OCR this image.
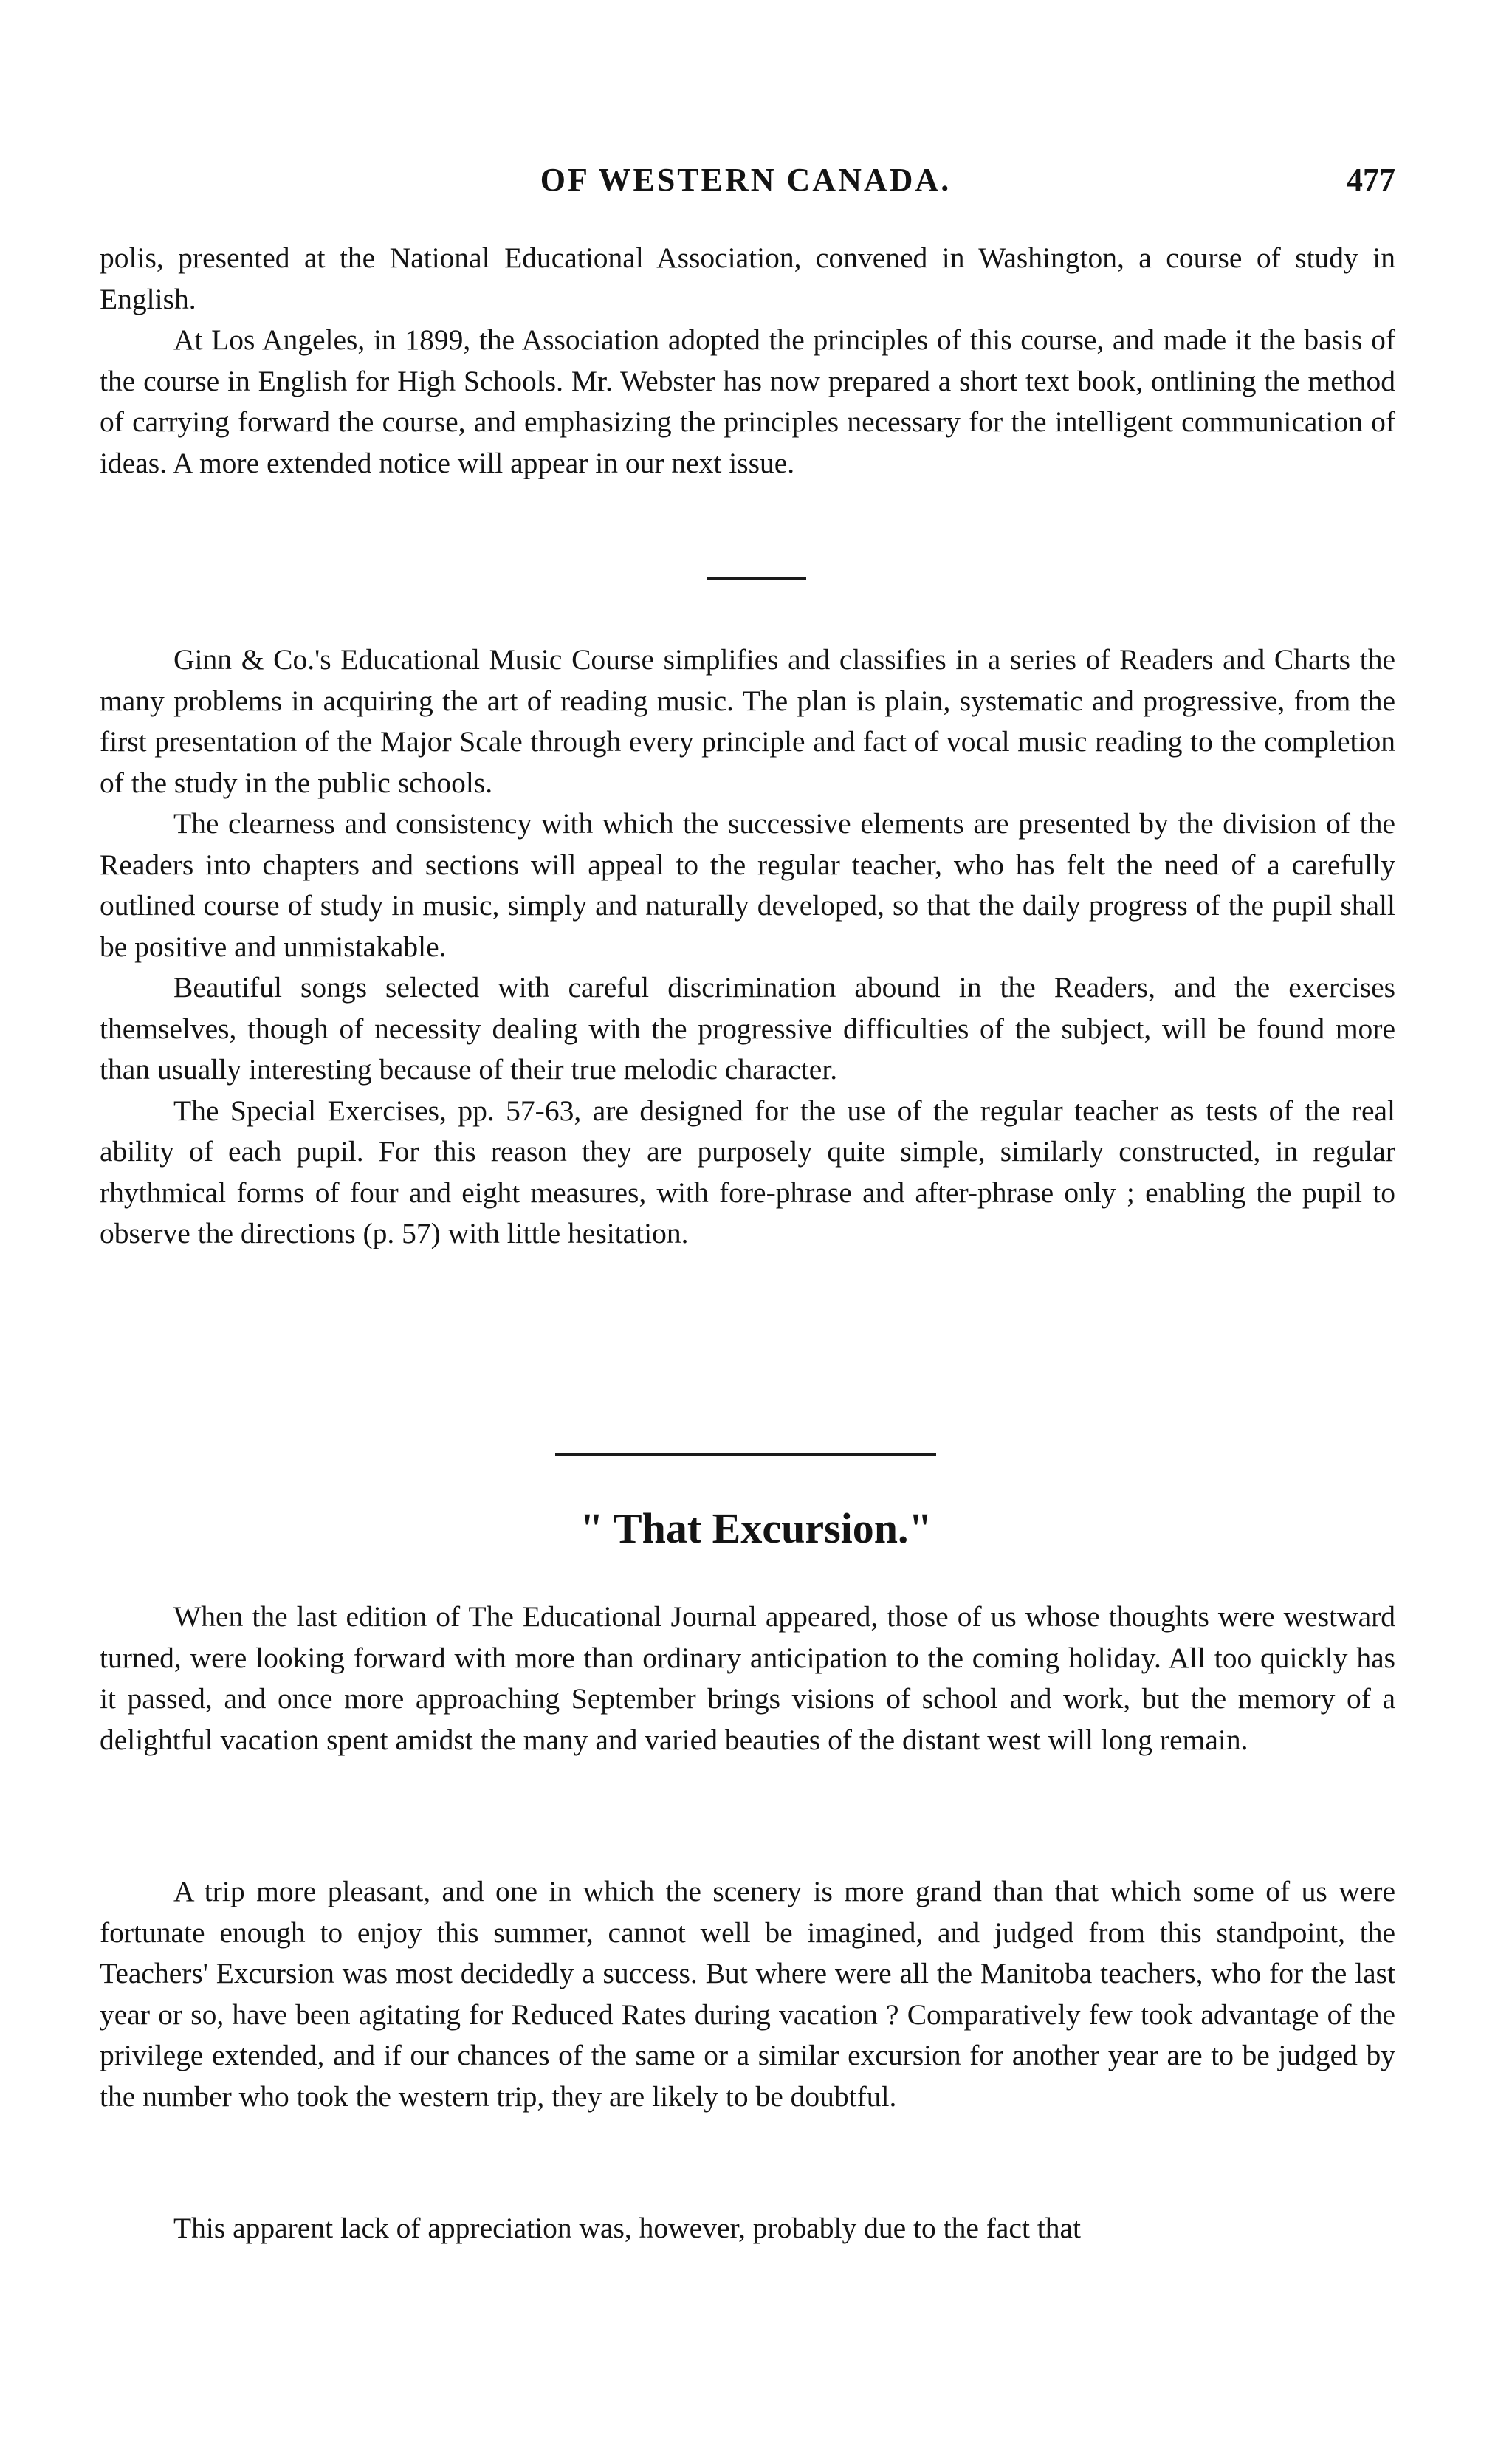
OF WESTERN CANADA.	477

polis, presented at the National Educational Association, convened in Washington, a course of study in English.

At Los Angeles, in 1899, the Association adopted the principles of this course, and made it the basis of the course in English for High Schools. Mr. Webster has now prepared a short text book, ontlining the method of carrying forward the course, and emphasizing the principles necessary for the intelligent communication of ideas. A more extended notice will appear in our next issue.

Ginn & Co.'s Educational Music Course simplifies and classifies in a series of Readers and Charts the many problems in acquiring the art of reading music. The plan is plain, systematic and progressive, from the first presentation of the Major Scale through every principle and fact of vocal music reading to the completion of the study in the public schools.

The clearness and consistency with which the successive elements are presented by the division of the Readers into chapters and sections will appeal to the regular teacher, who has felt the need of a carefully outlined course of study in music, simply and naturally developed, so that the daily progress of the pupil shall be positive and unmistakable.

Beautiful songs selected with careful discrimination abound in the Readers, and the exercises themselves, though of necessity dealing with the progressive difficulties of the subject, will be found more than usually interesting because of their true melodic character.

The Special Exercises, pp. 57-63, are designed for the use of the regular teacher as tests of the real ability of each pupil. For this reason they are purposely quite simple, similarly constructed, in regular rhythmical forms of four and eight measures, with fore-phrase and after-phrase only ; enabling the pupil to observe the directions (p. 57) with little hesitation.

" That Excursion."

When the last edition of The Educational Journal appeared, those of us whose thoughts were westward turned, were looking forward with more than ordinary anticipation to the coming holiday. All too quickly has it passed, and once more approaching September brings visions of school and work, but the memory of a delightful vacation spent amidst the many and varied beauties of the distant west will long remain.

A trip more pleasant, and one in which the scenery is more grand than that which some of us were fortunate enough to enjoy this summer, cannot well be imagined, and judged from this standpoint, the Teachers' Excursion was most decidedly a success. But where were all the Manitoba teachers, who for the last year or so, have been agitating for Reduced Rates during vacation ? Comparatively few took advantage of the privilege extended, and if our chances of the same or a similar excursion for another year are to be judged by the number who took the western trip, they are likely to be doubtful.

This apparent lack of appreciation was, however, probably due to the fact that
